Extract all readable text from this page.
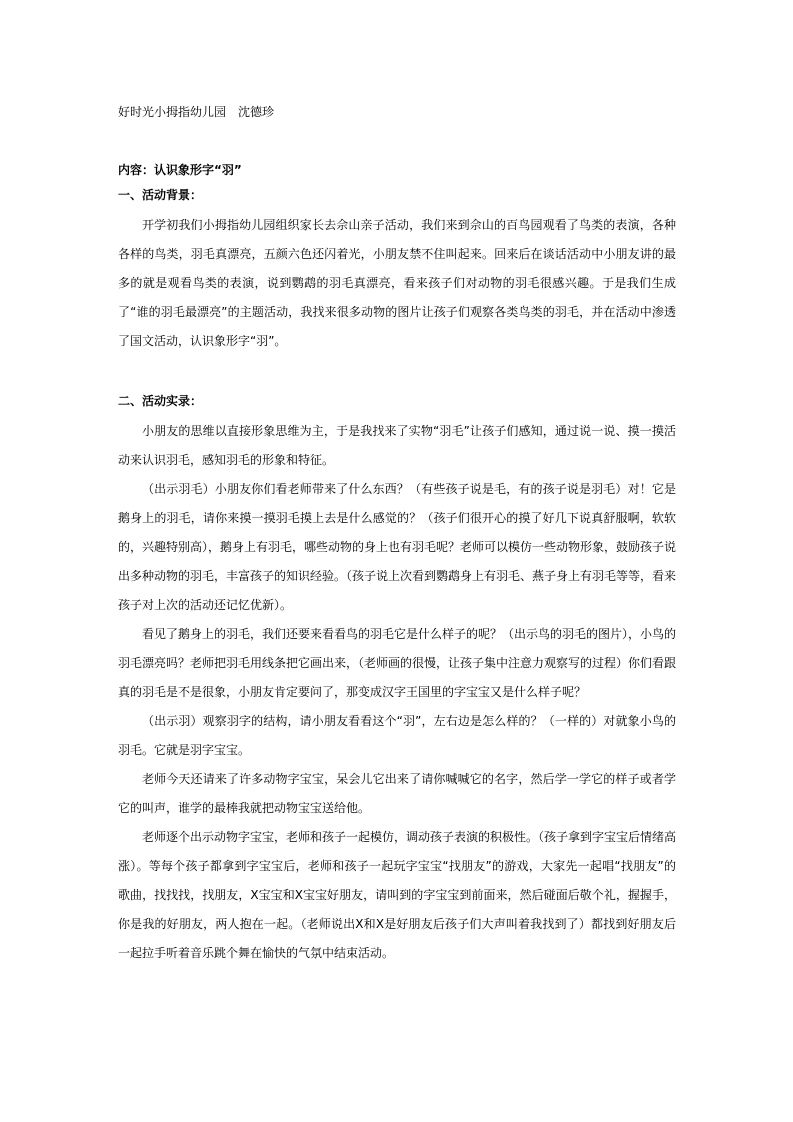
好时光小拇指幼儿园　沈德珍

内容：认识象形字“羽”

一、活动背景：

开学初我们小拇指幼儿园组织家长去佘山亲子活动，我们来到佘山的百鸟园观看了鸟类的表演，各种各样的鸟类，羽毛真漂亮，五颜六色还闪着光，小朋友禁不住叫起来。回来后在谈话活动中小朋友讲的最多的就是观看鸟类的表演，说到鹦鹉的羽毛真漂亮，看来孩子们对动物的羽毛很感兴趣。于是我们生成了“谁的羽毛最漂亮”的主题活动，我找来很多动物的图片让孩子们观察各类鸟类的羽毛，并在活动中渗透了国文活动，认识象形字“羽”。

二、活动实录：

小朋友的思维以直接形象思维为主，于是我找来了实物“羽毛”让孩子们感知，通过说一说、摸一摸活动来认识羽毛，感知羽毛的形象和特征。

（出示羽毛）小朋友你们看老师带来了什么东西？（有些孩子说是毛，有的孩子说是羽毛）对！它是鹅身上的羽毛，请你来摸一摸羽毛摸上去是什么感觉的？（孩子们很开心的摸了好几下说真舒服啊，软软的，兴趣特别高），鹅身上有羽毛，哪些动物的身上也有羽毛呢？老师可以模仿一些动物形象，鼓励孩子说出多种动物的羽毛，丰富孩子的知识经验。（孩子说上次看到鹦鹉身上有羽毛、燕子身上有羽毛等等，看来孩子对上次的活动还记忆优新）。

看见了鹅身上的羽毛，我们还要来看看鸟的羽毛它是什么样子的呢？（出示鸟的羽毛的图片），小鸟的羽毛漂亮吗？老师把羽毛用线条把它画出来，（老师画的很慢，让孩子集中注意力观察写的过程）你们看跟真的羽毛是不是很象，小朋友肯定要问了，那变成汉字王国里的字宝宝又是什么样子呢？

（出示羽）观察羽字的结构，请小朋友看看这个“羽”，左右边是怎么样的？（一样的）对就象小鸟的羽毛。它就是羽字宝宝。

老师今天还请来了许多动物字宝宝，呆会儿它出来了请你喊喊它的名字，然后学一学它的样子或者学它的叫声，谁学的最棒我就把动物宝宝送给他。

老师逐个出示动物字宝宝，老师和孩子一起模仿，调动孩子表演的积极性。（孩子拿到字宝宝后情绪高涨）。等每个孩子都拿到字宝宝后，老师和孩子一起玩字宝宝“找朋友”的游戏，大家先一起唱“找朋友”的歌曲，找找找，找朋友，X宝宝和X宝宝好朋友，请叫到的字宝宝到前面来，然后碰面后敬个礼，握握手，你是我的好朋友，两人抱在一起。（老师说出X和X是好朋友后孩子们大声叫着我找到了）都找到好朋友后一起拉手听着音乐跳个舞在愉快的气氛中结束活动。
